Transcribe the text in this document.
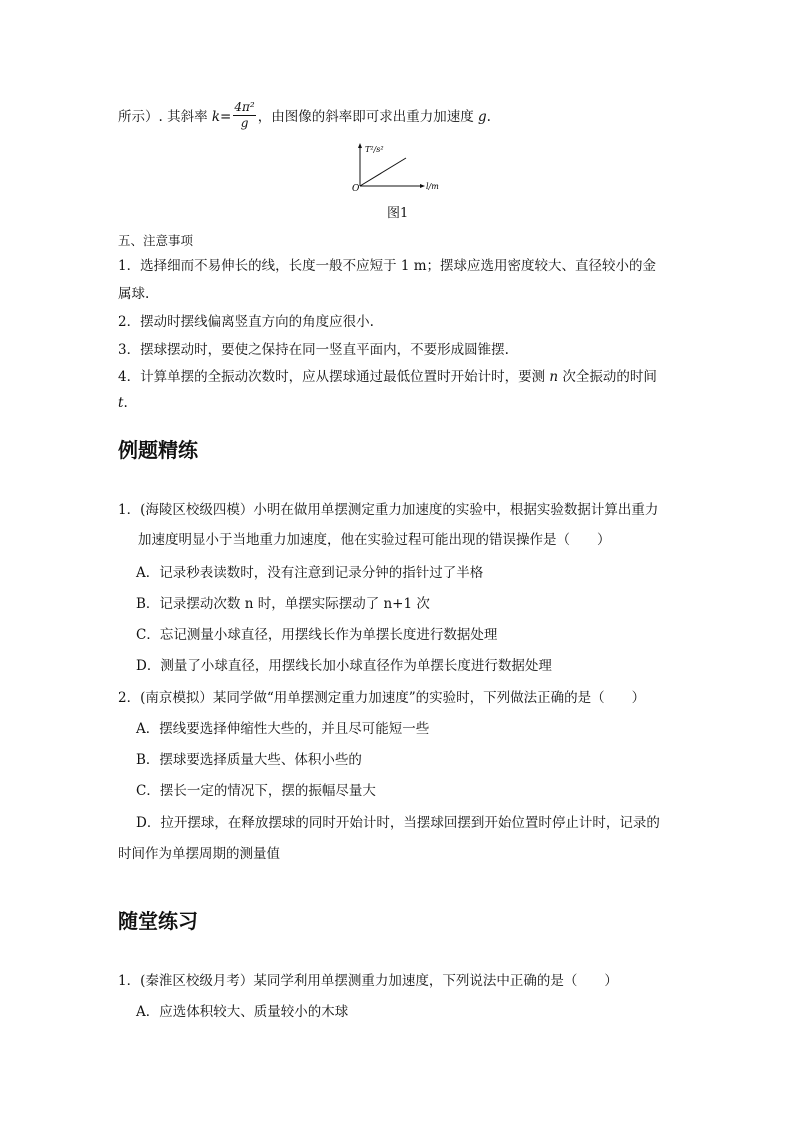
所示）. 其斜率 $k= \frac{\text{4π²}}{g}$ ，由图像的斜率即可求出重力加速度 g.
T²/s²
l/m
O
图1
五、注意事项
1．选择细而不易伸长的线，长度一般不应短于 1 m；摆球应选用密度较大、直径较小的金
属球.
2．摆动时摆线偏离竖直方向的角度应很小.
3．摆球摆动时，要使之保持在同一竖直平面内，不要形成圆锥摆.
4．计算单摆的全振动次数时，应从摆球通过最低位置时开始计时，要测 n 次全振动的时间
t.
例题精练
1．(海陵区校级四模）小明在做用单摆测定重力加速度的实验中，根据实验数据计算出重力
加速度明显小于当地重力加速度，他在实验过程可能出现的错误操作是（　　）
A．记录秒表读数时，没有注意到记录分钟的指针过了半格
B．记录摆动次数 n 时，单摆实际摆动了 n+1 次
C．忘记测量小球直径，用摆线长作为单摆长度进行数据处理
D．测量了小球直径，用摆线长加小球直径作为单摆长度进行数据处理
2．(南京模拟）某同学做“用单摆测定重力加速度”的实验时，下列做法正确的是（　　）
A．摆线要选择伸缩性大些的，并且尽可能短一些
B．摆球要选择质量大些、体积小些的
C．摆长一定的情况下，摆的振幅尽量大
D．拉开摆球，在释放摆球的同时开始计时，当摆球回摆到开始位置时停止计时，记录的
时间作为单摆周期的测量值
随堂练习
1．(秦淮区校级月考）某同学利用单摆测重力加速度，下列说法中正确的是（　　）
A．应选体积较大、质量较小的木球
